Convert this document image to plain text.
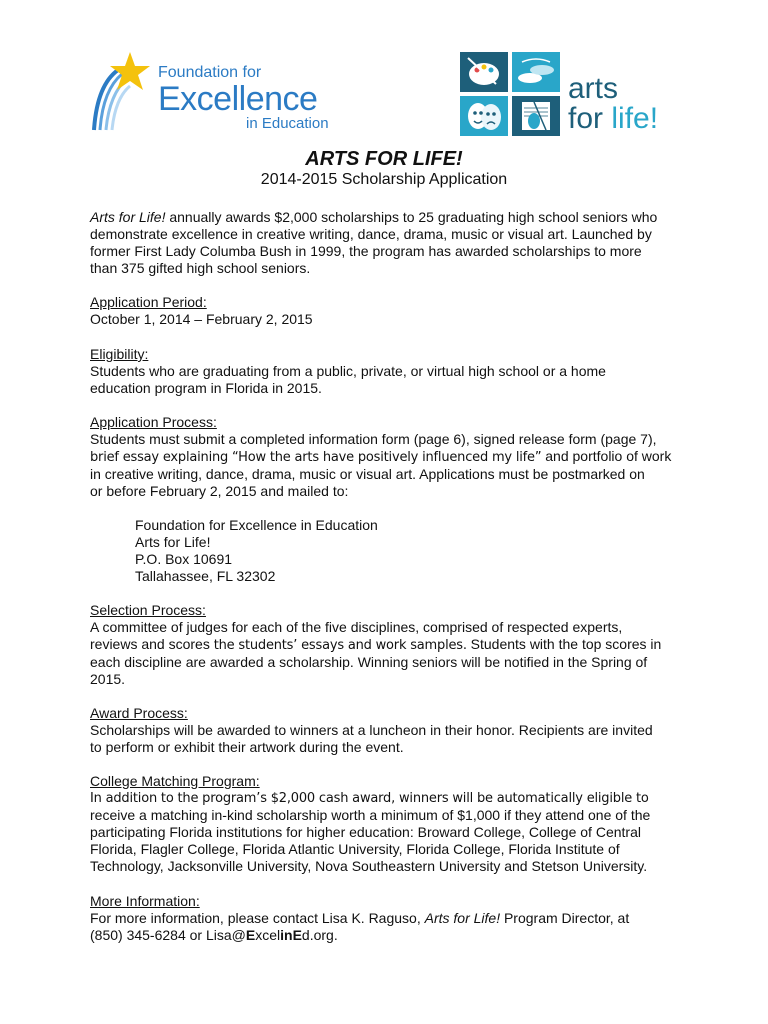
Foundation for
Excellence
in Education
arts
for life!
ARTS FOR LIFE!
2014-2015 Scholarship Application
Arts for Life! annually awards $2,000 scholarships to 25 graduating high school seniors who
demonstrate excellence in creative writing, dance, drama, music or visual art. Launched by
former First Lady Columba Bush in 1999, the program has awarded scholarships to more
than 375 gifted high school seniors.
Application Period:
October 1, 2014 – February 2, 2015
Eligibility:
Students who are graduating from a public, private, or virtual high school or a home
education program in Florida in 2015.
Application Process:
Students must submit a completed information form (page 6), signed release form (page 7),
brief essay explaining “How the arts have positively influenced my life” and portfolio of work
in creative writing, dance, drama, music or visual art. Applications must be postmarked on
or before February 2, 2015 and mailed to:
Foundation for Excellence in Education
Arts for Life!
P.O. Box 10691
Tallahassee, FL 32302
Selection Process:
A committee of judges for each of the five disciplines, comprised of respected experts,
reviews and scores the students’ essays and work samples. Students with the top scores in
each discipline are awarded a scholarship. Winning seniors will be notified in the Spring of
2015.
Award Process:
Scholarships will be awarded to winners at a luncheon in their honor. Recipients are invited
to perform or exhibit their artwork during the event.
College Matching Program:
In addition to the program’s $2,000 cash award, winners will be automatically eligible to
receive a matching in-kind scholarship worth a minimum of $1,000 if they attend one of the
participating Florida institutions for higher education: Broward College, College of Central
Florida, Flagler College, Florida Atlantic University, Florida College, Florida Institute of
Technology, Jacksonville University, Nova Southeastern University and Stetson University.
More Information:
For more information, please contact Lisa K. Raguso, Arts for Life! Program Director, at
(850) 345-6284 or Lisa@ExcelinEd.org.
